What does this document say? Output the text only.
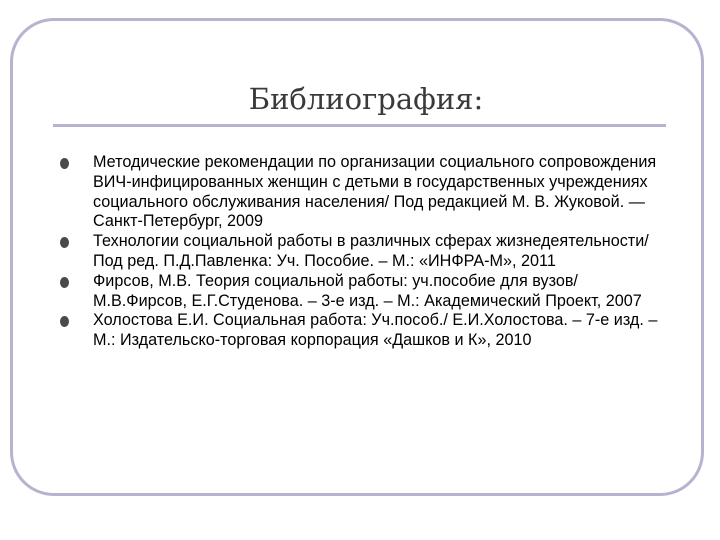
Библиография:
Методические рекомендации по организации социального сопровождения ВИЧ-инфицированных женщин с детьми в государственных учреждениях социального обслуживания населения/ Под редакцией М. В. Жуковой. — Санкт-Петербург, 2009
Технологии социальной работы в различных сферах жизнедеятельности/ Под ред. П.Д.Павленка: Уч. Пособие. – М.: «ИНФРА-М», 2011
Фирсов, М.В. Теория социальной работы: уч.пособие для вузов/ М.В.Фирсов, Е.Г.Студенова. – 3-е изд. – М.: Академический Проект, 2007
Холостова Е.И. Социальная работа: Уч.пособ./ Е.И.Холостова. – 7-е изд. – М.: Издательско-торговая корпорация «Дашков и К», 2010
